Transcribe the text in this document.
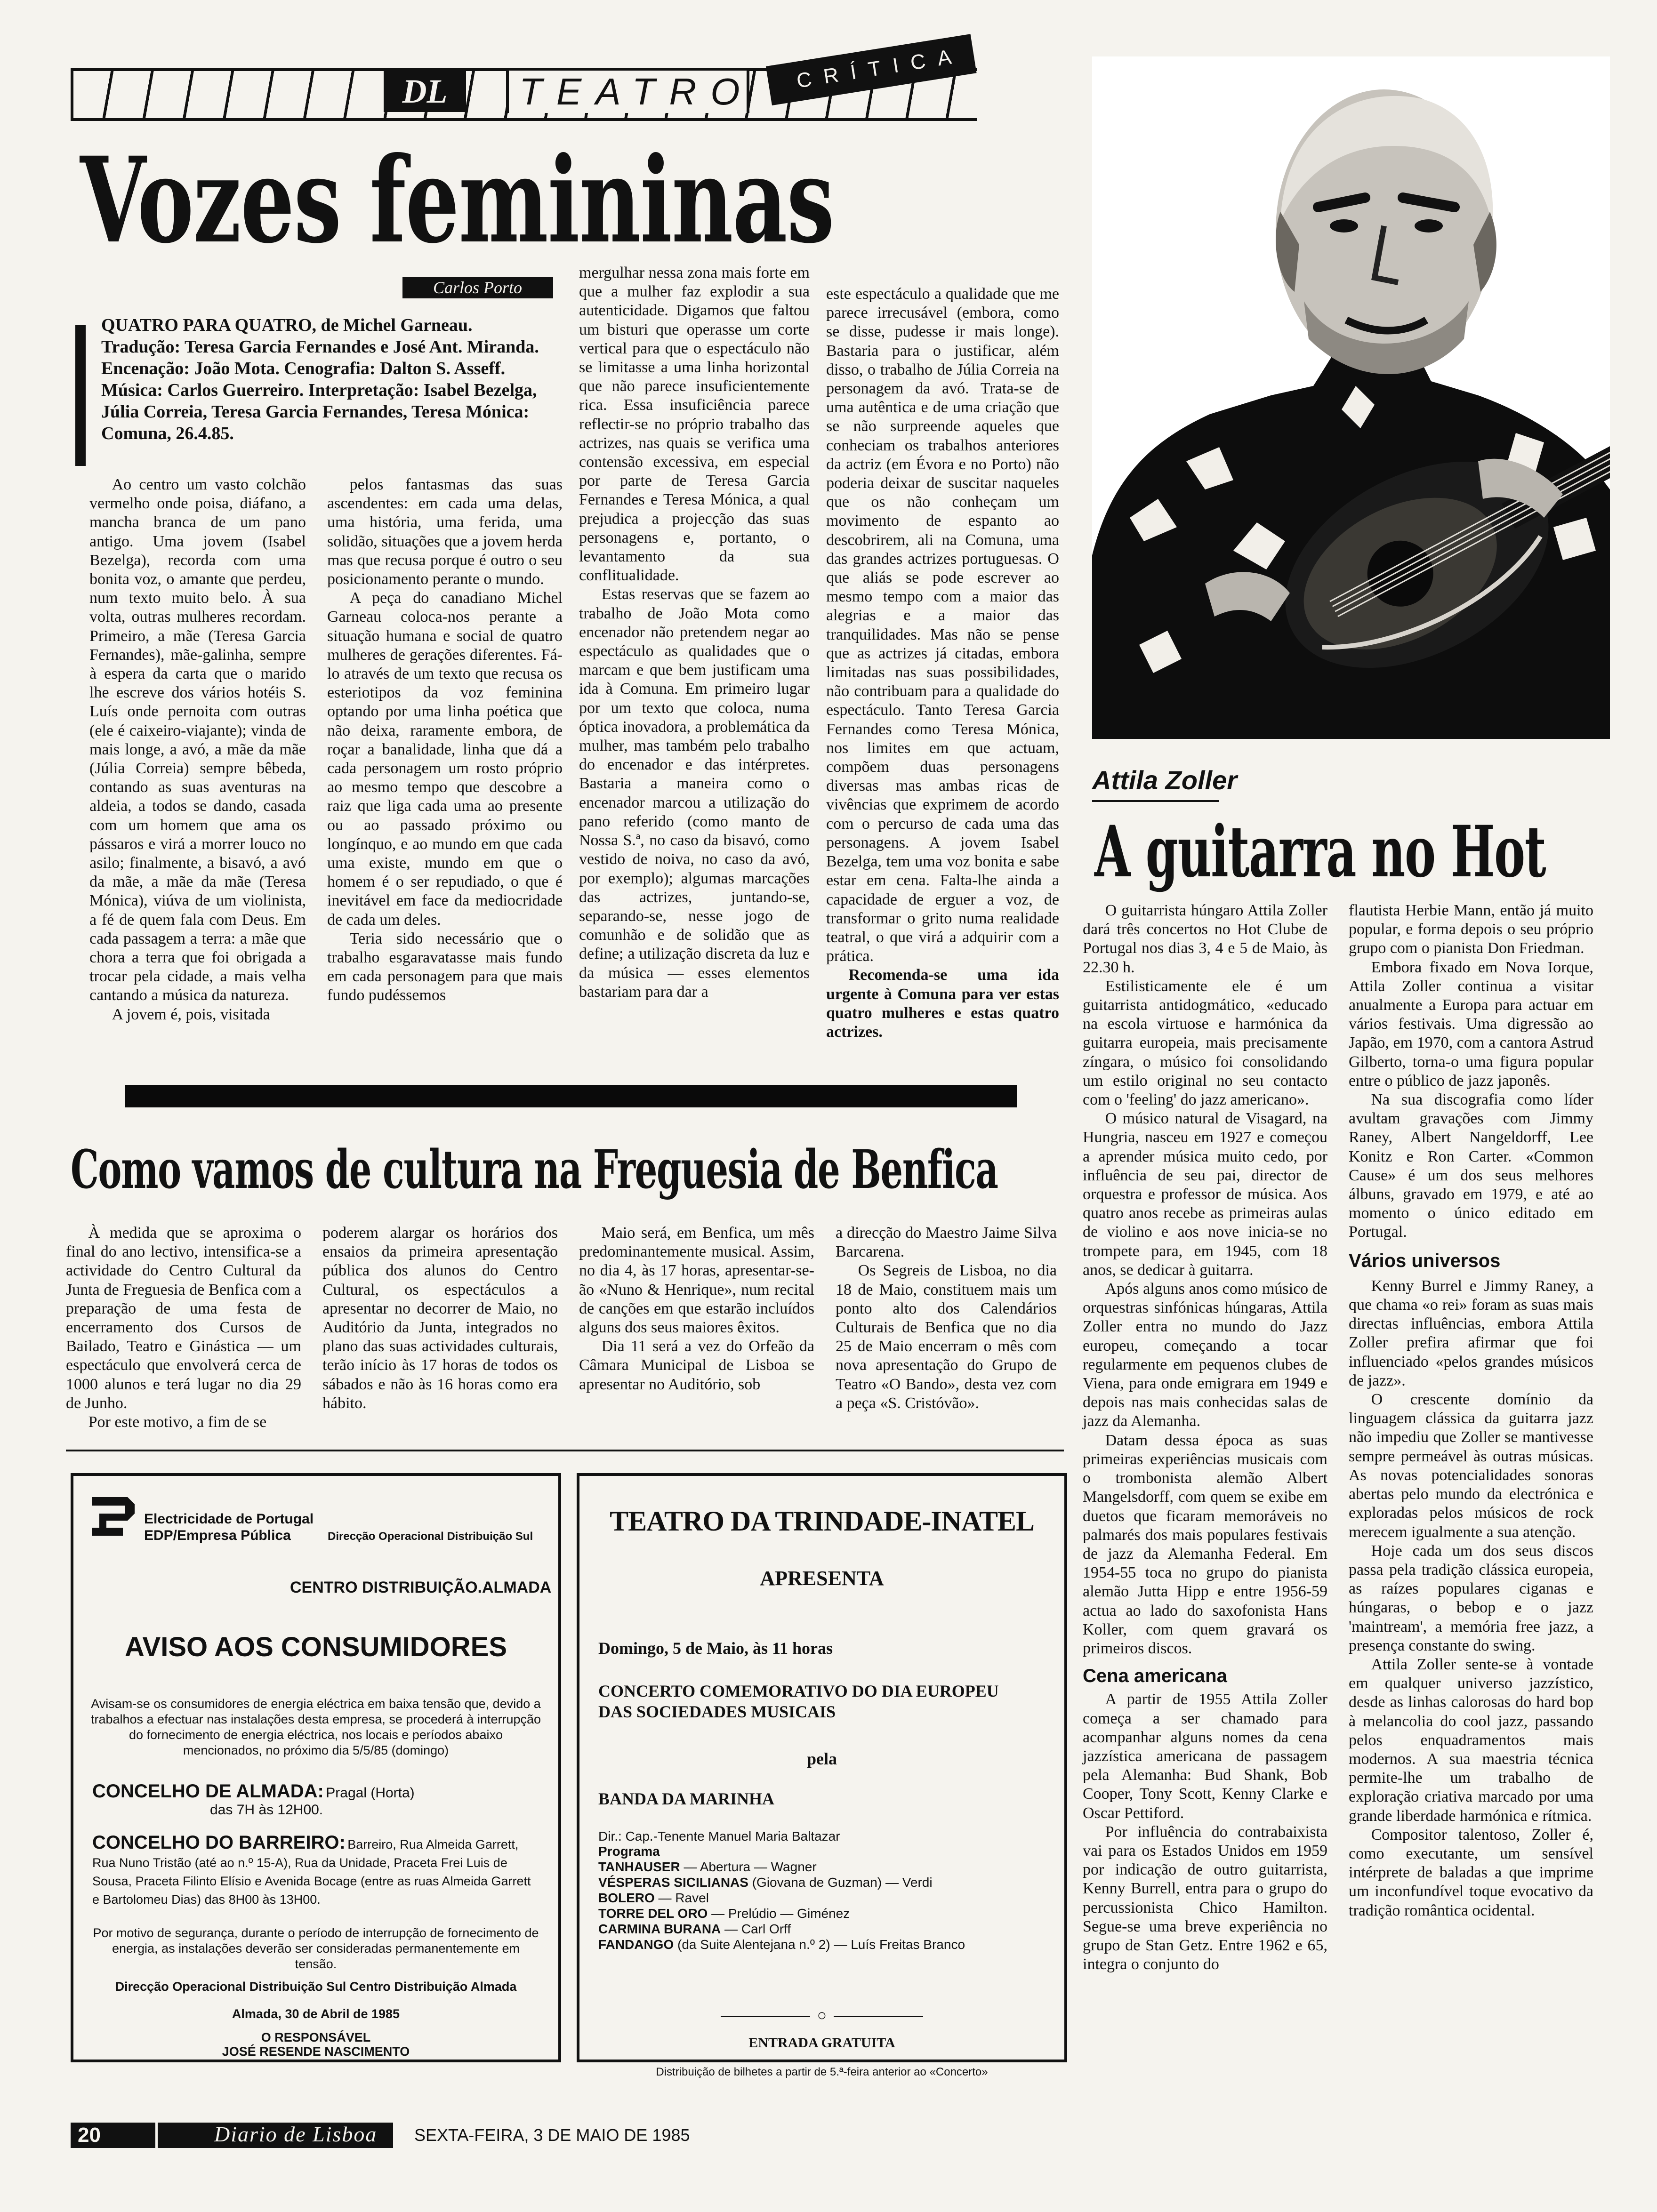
DL	TEATRO	CRÍTICA
Vozes femininas
Carlos Porto
QUATRO PARA QUATRO, de Michel Garneau. Tradução: Teresa Garcia Fernandes e José Ant. Miranda. Encenação: João Mota. Cenografia: Dalton S. Asseff. Música: Carlos Guerreiro. Interpretação: Isabel Bezelga, Júlia Correia, Teresa Garcia Fernandes, Teresa Mónica: Comuna, 26.4.85.

Ao centro um vasto colchão vermelho onde poisa, diáfano, a mancha branca de um pano antigo. Uma jovem (Isabel Bezelga), recorda com uma bonita voz, o amante que perdeu, num texto muito belo. À sua volta, outras mulheres recordam. Primeiro, a mãe (Teresa Garcia Fernandes), mãe-galinha, sempre à espera da carta que o marido lhe escreve dos vários hotéis S. Luís onde pernoita com outras (ele é caixeiro-viajante); vinda de mais longe, a avó, a mãe da mãe (Júlia Correia) sempre bêbeda, contando as suas aventuras na aldeia, a todos se dando, casada com um homem que ama os pássaros e virá a morrer louco no asilo; finalmente, a bisavó, a avó da mãe, a mãe da mãe (Teresa Mónica), viúva de um violinista, a fé de quem fala com Deus. Em cada passagem a terra: a mãe que chora a terra que foi obrigada a trocar pela cidade, a mais velha cantando a música da natureza.

A jovem é, pois, visitada

pelos fantasmas das suas ascendentes: em cada uma delas, uma história, uma ferida, uma solidão, situações que a jovem herda mas que recusa porque é outro o seu posicionamento perante o mundo.

A peça do canadiano Michel Garneau coloca-nos perante a situação humana e social de quatro mulheres de gerações diferentes. Fá-lo através de um texto que recusa os esteriotipos da voz feminina optando por uma linha poética que não deixa, raramente embora, de roçar a banalidade, linha que dá a cada personagem um rosto próprio ao mesmo tempo que descobre a raiz que liga cada uma ao presente ou ao passado próximo ou longínquo, e ao mundo em que cada uma existe, mundo em que o homem é o ser repudiado, o que é inevitável em face da mediocridade de cada um deles.

Teria sido necessário que o trabalho esgaravatasse mais fundo em cada personagem para que mais fundo pudéssemos

mergulhar nessa zona mais forte em que a mulher faz explodir a sua autenticidade. Digamos que faltou um bisturi que operasse um corte vertical para que o espectáculo não se limitasse a uma linha horizontal que não parece insuficientemente rica. Essa insuficiência parece reflectir-se no próprio trabalho das actrizes, nas quais se verifica uma contensão excessiva, em especial por parte de Teresa Garcia Fernandes e Teresa Mónica, a qual prejudica a projecção das suas personagens e, portanto, o levantamento da sua conflitualidade.

Estas reservas que se fazem ao trabalho de João Mota como encenador não pretendem negar ao espectáculo as qualidades que o marcam e que bem justificam uma ida à Comuna. Em primeiro lugar por um texto que coloca, numa óptica inovadora, a problemática da mulher, mas também pelo trabalho do encenador e das intérpretes. Bastaria a maneira como o encenador marcou a utilização do pano referido (como manto de Nossa S.ª, no caso da bisavó, como vestido de noiva, no caso da avó, por exemplo); algumas marcações das actrizes, juntando-se, separando-se, nesse jogo de comunhão e de solidão que as define; a utilização discreta da luz e da música — esses elementos bastariam para dar a

este espectáculo a qualidade que me parece irrecusável (embora, como se disse, pudesse ir mais longe). Bastaria para o justificar, além disso, o trabalho de Júlia Correia na personagem da avó. Trata-se de uma autêntica e de uma criação que se não surpreende aqueles que conheciam os trabalhos anteriores da actriz (em Évora e no Porto) não poderia deixar de suscitar naqueles que os não conheçam um movimento de espanto ao descobrirem, ali na Comuna, uma das grandes actrizes portuguesas. O que aliás se pode escrever ao mesmo tempo com a maior das alegrias e a maior das tranquilidades. Mas não se pense que as actrizes já citadas, embora limitadas nas suas possibilidades, não contribuam para a qualidade do espectáculo. Tanto Teresa Garcia Fernandes como Teresa Mónica, nos limites em que actuam, compõem duas personagens diversas mas ambas ricas de vivências que exprimem de acordo com o percurso de cada uma das personagens. A jovem Isabel Bezelga, tem uma voz bonita e sabe estar em cena. Falta-lhe ainda a capacidade de erguer a voz, de transformar o grito numa realidade teatral, o que virá a adquirir com a prática.

Recomenda-se uma ida urgente à Comuna para ver estas quatro mulheres e estas quatro actrizes.

Attila Zoller
A guitarra no Hot

O guitarrista húngaro Attila Zoller dará três concertos no Hot Clube de Portugal nos dias 3, 4 e 5 de Maio, às 22.30 h.

Estilisticamente ele é um guitarrista antidogmático, «educado na escola virtuose e harmónica da guitarra europeia, mais precisamente zíngara, o músico foi consolidando um estilo original no seu contacto com o 'feeling' do jazz americano».

O músico natural de Visagard, na Hungria, nasceu em 1927 e começou a aprender música muito cedo, por influência de seu pai, director de orquestra e professor de música. Aos quatro anos recebe as primeiras aulas de violino e aos nove inicia-se no trompete para, em 1945, com 18 anos, se dedicar à guitarra.

Após alguns anos como músico de orquestras sinfónicas húngaras, Attila Zoller entra no mundo do Jazz europeu, começando a tocar regularmente em pequenos clubes de Viena, para onde emigrara em 1949 e depois nas mais conhecidas salas de jazz da Alemanha.

Datam dessa época as suas primeiras experiências musicais com o trombonista alemão Albert Mangelsdorff, com quem se exibe em duetos que ficaram memoráveis no palmarés dos mais populares festivais de jazz da Alemanha Federal. Em 1954-55 toca no grupo do pianista alemão Jutta Hipp e entre 1956-59 actua ao lado do saxofonista Hans Koller, com quem gravará os primeiros discos.

Cena americana

A partir de 1955 Attila Zoller começa a ser chamado para acompanhar alguns nomes da cena jazzística americana de passagem pela Alemanha: Bud Shank, Bob Cooper, Tony Scott, Kenny Clarke e Oscar Pettiford.

Por influência do contrabaixista vai para os Estados Unidos em 1959 por indicação de outro guitarrista, Kenny Burrell, entra para o grupo do percussionista Chico Hamilton. Segue-se uma breve experiência no grupo de Stan Getz. Entre 1962 e 65, integra o conjunto do

flautista Herbie Mann, então já muito popular, e forma depois o seu próprio grupo com o pianista Don Friedman.

Embora fixado em Nova Iorque, Attila Zoller continua a visitar anualmente a Europa para actuar em vários festivais. Uma digressão ao Japão, em 1970, com a cantora Astrud Gilberto, torna-o uma figura popular entre o público de jazz japonês.

Na sua discografia como líder avultam gravações com Jimmy Raney, Albert Nangeldorff, Lee Konitz e Ron Carter. «Common Cause» é um dos seus melhores álbuns, gravado em 1979, e até ao momento o único editado em Portugal.

Vários universos

Kenny Burrel e Jimmy Raney, a que chama «o rei» foram as suas mais directas influências, embora Attila Zoller prefira afirmar que foi influenciado «pelos grandes músicos de jazz».

O crescente domínio da linguagem clássica da guitarra jazz não impediu que Zoller se mantivesse sempre permeável às outras músicas. As novas potencialidades sonoras abertas pelo mundo da electrónica e exploradas pelos músicos de rock merecem igualmente a sua atenção.

Hoje cada um dos seus discos passa pela tradição clássica europeia, as raízes populares ciganas e húngaras, o bebop e o jazz 'maintream', a memória free jazz, a presença constante do swing.

Attila Zoller sente-se à vontade em qualquer universo jazzístico, desde as linhas calorosas do hard bop à melancolia do cool jazz, passando pelos enquadramentos mais modernos. A sua maestria técnica permite-lhe um trabalho de exploração criativa marcado por uma grande liberdade harmónica e rítmica.

Compositor talentoso, Zoller é, como executante, um sensível intérprete de baladas a que imprime um inconfundível toque evocativo da tradição romântica ocidental.

Como vamos de cultura na Freguesia de Benfica

À medida que se aproxima o final do ano lectivo, intensifica-se a actividade do Centro Cultural da Junta de Freguesia de Benfica com a preparação de uma festa de encerramento dos Cursos de Bailado, Teatro e Ginástica — um espectáculo que envolverá cerca de 1000 alunos e terá lugar no dia 29 de Junho.

Por este motivo, a fim de se

poderem alargar os horários dos ensaios da primeira apresentação pública dos alunos do Centro Cultural, os espectáculos a apresentar no decorrer de Maio, no Auditório da Junta, integrados no plano das suas actividades culturais, terão início às 17 horas de todos os sábados e não às 16 horas como era hábito.

Maio será, em Benfica, um mês predominantemente musical. Assim, no dia 4, às 17 horas, apresentar-se-ão «Nuno & Henrique», num recital de canções em que estarão incluídos alguns dos seus maiores êxitos.

Dia 11 será a vez do Orfeão da Câmara Municipal de Lisboa se apresentar no Auditório, sob

a direcção do Maestro Jaime Silva Barcarena.

Os Segreis de Lisboa, no dia 18 de Maio, constituem mais um ponto alto dos Calendários Culturais de Benfica que no dia 25 de Maio encerram o mês com nova apresentação do Grupo de Teatro «O Bando», desta vez com a peça «S. Cristóvão».

Electricidade de Portugal
EDP/Empresa Pública	Direcção Operacional Distribuição Sul
CENTRO DISTRIBUIÇÃO.ALMADA
AVISO AOS CONSUMIDORES
Avisam-se os consumidores de energia eléctrica em baixa tensão que, devido a trabalhos a efectuar nas instalações desta empresa, se procederá à interrupção do fornecimento de energia eléctrica, nos locais e períodos abaixo mencionados, no próximo dia 5/5/85 (domingo)
CONCELHO DE ALMADA: Pragal (Horta)
das 7H às 12H00.
CONCELHO DO BARREIRO: Barreiro, Rua Almeida Garrett, Rua Nuno Tristão (até ao n.º 15-A), Rua da Unidade, Praceta Frei Luis de Sousa, Praceta Filinto Elísio e Avenida Bocage (entre as ruas Almeida Garrett e Bartolomeu Dias) das 8H00 às 13H00.
Por motivo de segurança, durante o período de interrupção de fornecimento de energia, as instalações deverão ser consideradas permanentemente em tensão.
Direcção Operacional Distribuição Sul Centro Distribuição Almada
Almada, 30 de Abril de 1985
O RESPONSÁVEL
JOSÉ RESENDE NASCIMENTO
TEATRO DA TRINDADE-INATEL
APRESENTA
Domingo, 5 de Maio, às 11 horas
CONCERTO COMEMORATIVO DO DIA EUROPEU DAS SOCIEDADES MUSICAIS
pela
BANDA DA MARINHA
Dir.: Cap.-Tenente Manuel Maria Baltazar
Programa
TANHAUSER — Abertura — Wagner
VÉSPERAS SICILIANAS (Giovana de Guzman) — Verdi
BOLERO — Ravel
TORRE DEL ORO — Prelúdio — Giménez
CARMINA BURANA — Carl Orff
FANDANGO (da Suite Alentejana n.º 2) — Luís Freitas Branco
○
ENTRADA GRATUITA
Distribuição de bilhetes a partir de 5.ª-feira anterior ao «Concerto»
20	Diario de Lisboa SEXTA-FEIRA, 3 DE MAIO DE 1985
